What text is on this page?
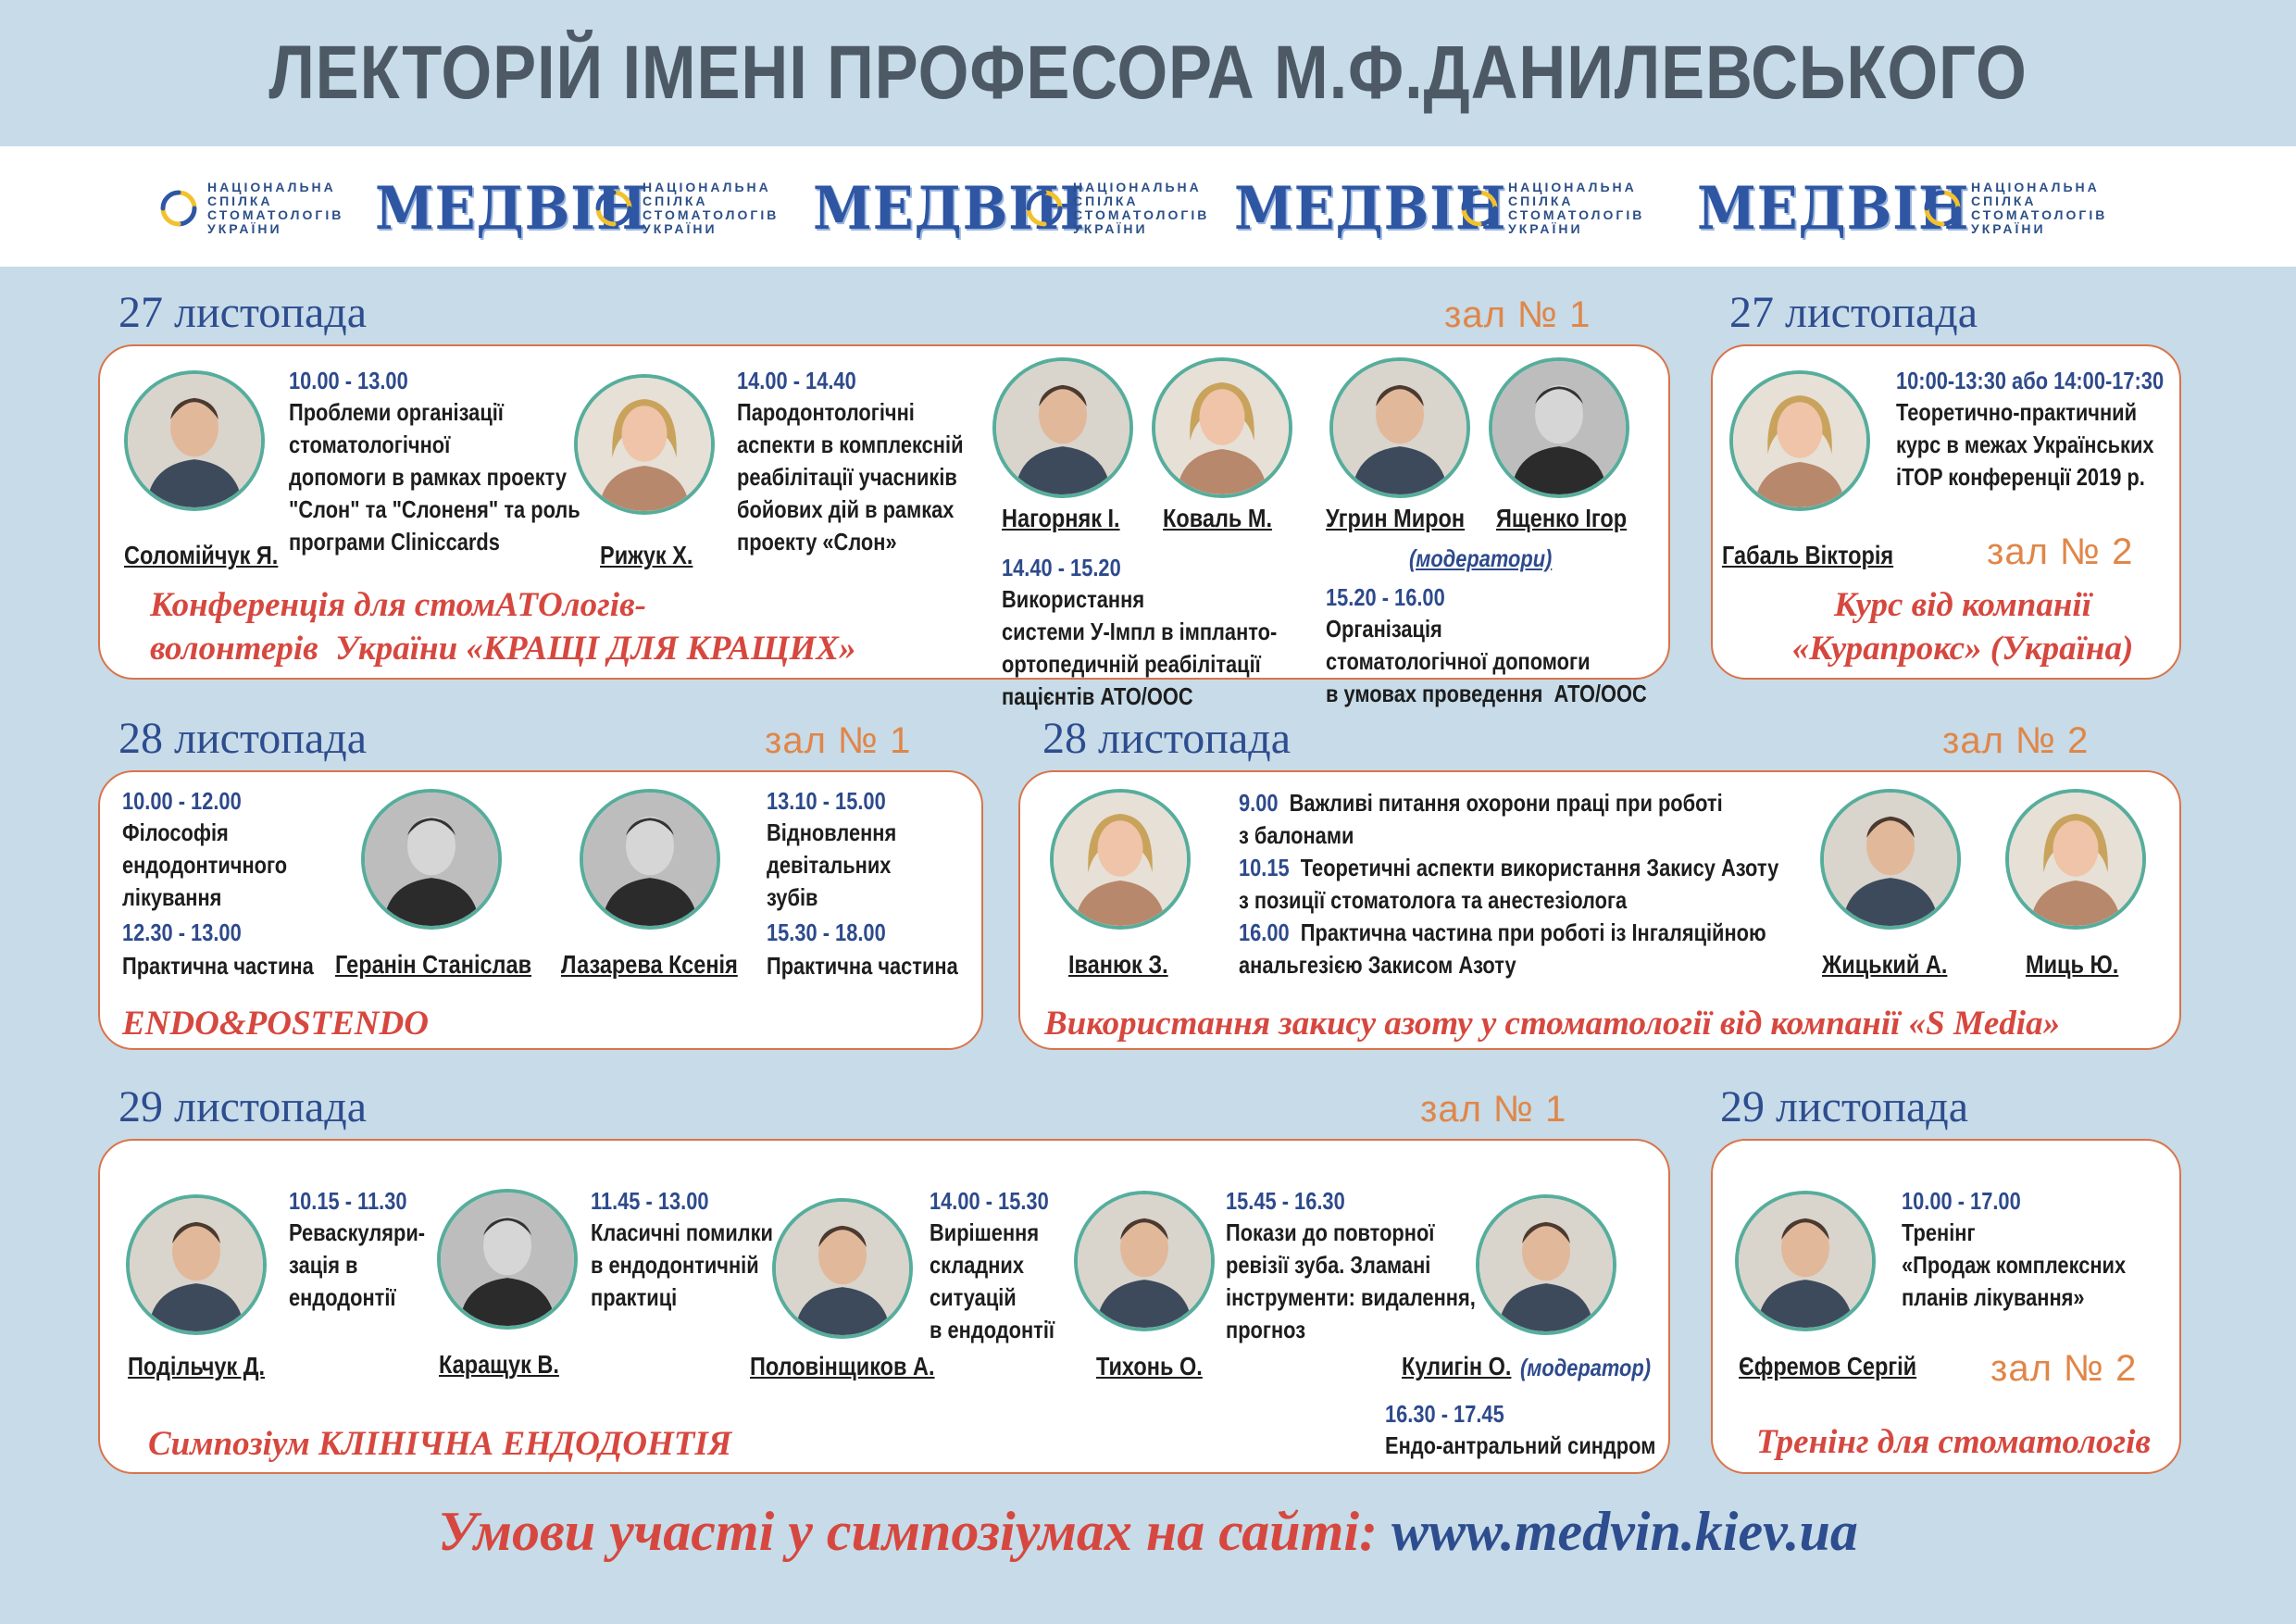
ЛЕКТОРІЙ ІМЕНІ ПРОФЕСОРА М.Ф.ДАНИЛЕВСЬКОГО
НАЦІОНАЛЬНА
СПІЛКА
СТОМАТОЛОГІВ
УКРАЇНИ	МЕДВІН
НАЦІОНАЛЬНА
СПІЛКА
СТОМАТОЛОГІВ
УКРАЇНИ	МЕДВІН
НАЦІОНАЛЬНА
СПІЛКА
СТОМАТОЛОГІВ
УКРАЇНИ	МЕДВІН НАЦІОНАЛЬНА
СПІЛКА
СТОМАТОЛОГІВ
УКРАЇНИ	МЕДВІН НАЦІОНАЛЬНА
СПІЛКА
СТОМАТОЛОГІВ
УКРАЇНИ
27 листопада	зал № 1
10.00 - 13.00
Проблеми організації
стоматологічної
допомоги в рамках проекту
"Слон" та "Слоненя" та роль
програми Cliniccards
Соломійчук Я.
14.00 - 14.40
Пародонтологічні
аспекти в комплексній
реабілітації учасників
бойових дій в рамках
проекту «Слон»
Рижук Х.
Нагорняк І. Коваль М. Угрин Мирон Ященко Ігор
(модератори)
14.40 - 15.20
Використання
системи У-Імпл в імпланто-
ортопедичній реабілітації
пацієнтів АТО/ООС
15.20 - 16.00
Організація
стоматологічної допомоги
в умовах проведення  АТО/ООС
Конференція для стомАТОлогів-
волонтерів  України «КРАЩІ ДЛЯ КРАЩИХ»
27 листопада
10:00-13:30 або 14:00-17:30
Теоретично-практичний
курс в межах Українських
iTOP конференції 2019 р.
Габаль Вікторія	зал № 2
Курс від компанії
«Курапрокс» (Україна)
28 листопада	зал № 1
10.00 - 12.00
Філософія
ендодонтичного
лікування
12.30 - 13.00
Практична частина Геранін Станіслав Лазарева Ксенія
13.10 - 15.00
Відновлення
девітальних
зубів
15.30 - 18.00
Практична частина
ENDO&POSTENDO
28 листопада	зал № 2
Іванюк З.
9.00 Важливі питання охорони праці при роботі
з балонами
10.15 Теоретичні аспекти використання Закису Азоту
з позиції стоматолога та анестезіолога
16.00 Практична частина при роботі із Інгаляційною
анальгезією Закисом Азоту	Жицький А.	Миць Ю.
Використання закису азоту у стоматології від компанії «S Media»
29 листопада	зал № 1
10.15 - 11.30
Реваскуляри-
зація в
ендодонтії
Подільчук Д.
11.45 - 13.00
Класичні помилки
в ендодонтичній
практиці
Каращук В.
14.00 - 15.30
Вирішення
складних
ситуацій
в ендодонтії
Половінщиков А.
15.45 - 16.30
Покази до повторної
ревізії зуба. Зламані
інструменти: видалення,
прогноз
Тихонь О.	Кулигін О. (модератор)
16.30 - 17.45
Ендо-антральний синдром
Симпозіум КЛІНІЧНА ЕНДОДОНТІЯ
29 листопада
10.00 - 17.00
Тренінг
«Продаж комплексних
планів лікування»
Єфремов Сергій зал № 2
Тренінг для стоматологів
Умови участі у симпозіумах на сайті: www.medvin.kiev.ua
